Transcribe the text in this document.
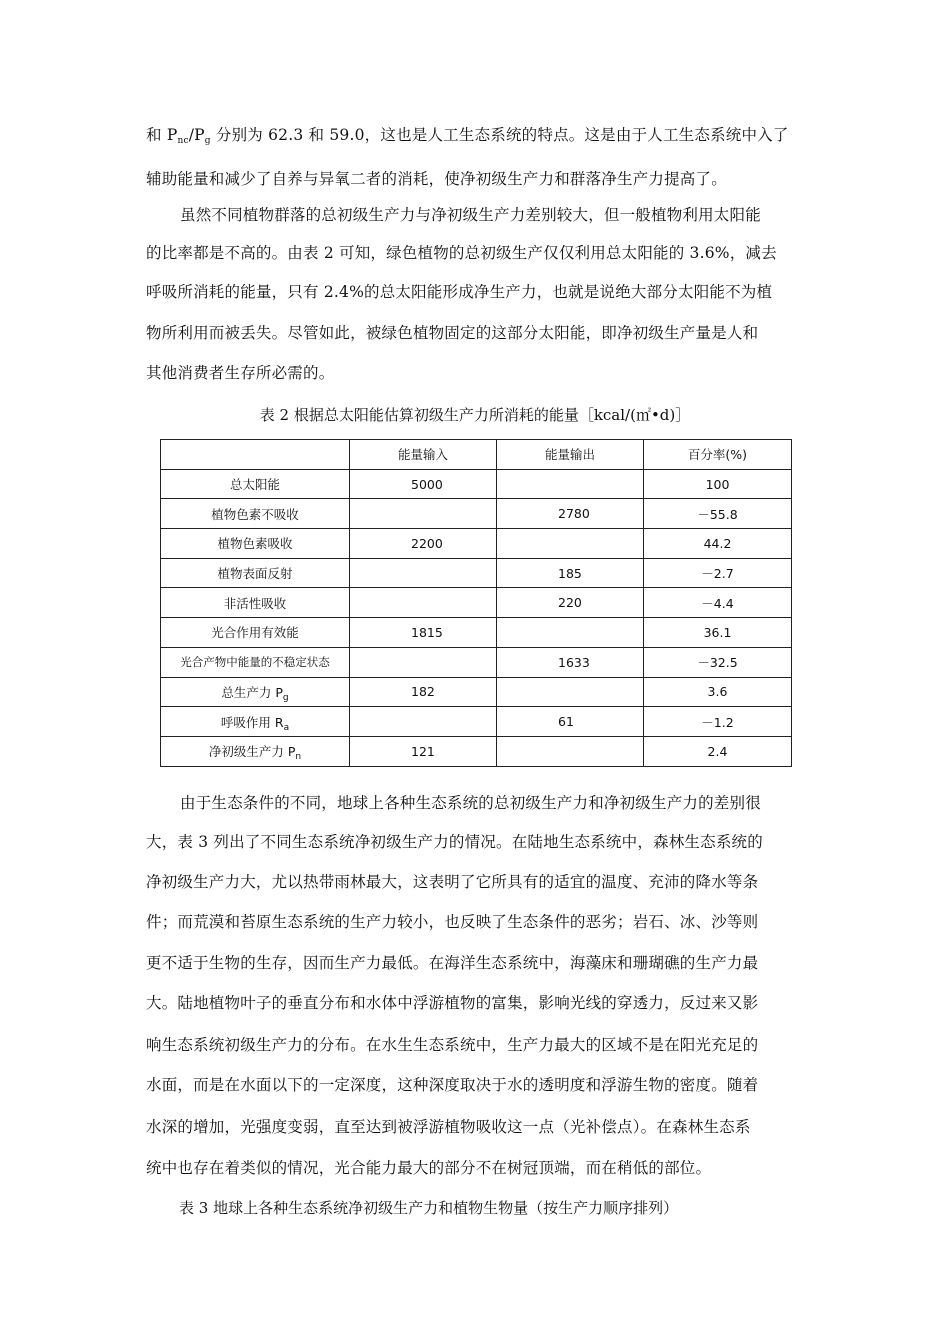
和 $P_{nc}/P_g$ 分别为 62.3 和 59.0，这也是人工生态系统的特点。这是由于人工生态系统中入了
辅助能量和减少了自养与异氧二者的消耗，使净初级生产力和群落净生产力提高了。
虽然不同植物群落的总初级生产力与净初级生产力差别较大，但一般植物利用太阳能
的比率都是不高的。由表 2 可知，绿色植物的总初级生产仅仅利用总太阳能的 3.6%，减去
呼吸所消耗的能量，只有 2.4%的总太阳能形成净生产力，也就是说绝大部分太阳能不为植
物所利用而被丢失。尽管如此，被绿色植物固定的这部分太阳能，即净初级生产量是人和
其他消费者生存所必需的。
表 2 根据总太阳能估算初级生产力所消耗的能量［kcal/(㎡•d)］
	能量输入	能量输出	百分率(%)
总太阳能	5000		100
植物色素不吸收		2780	－55.8
植物色素吸收	2200		44.2
植物表面反射		185	－2.7
非活性吸收		220	－4.4
光合作用有效能	1815		36.1
光合产物中能量的不稳定状态		1633	－32.5
总生产力 $P_g$	182		3.6
呼吸作用 $R_a$		61	－1.2
净初级生产力 $P_n$	121		2.4
由于生态条件的不同，地球上各种生态系统的总初级生产力和净初级生产力的差别很
大，表 3 列出了不同生态系统净初级生产力的情况。在陆地生态系统中，森林生态系统的
净初级生产力大，尤以热带雨林最大，这表明了它所具有的适宜的温度、充沛的降水等条
件；而荒漠和苔原生态系统的生产力较小，也反映了生态条件的恶劣；岩石、冰、沙等则
更不适于生物的生存，因而生产力最低。在海洋生态系统中，海藻床和珊瑚礁的生产力最
大。陆地植物叶子的垂直分布和水体中浮游植物的富集，影响光线的穿透力，反过来又影
响生态系统初级生产力的分布。在水生生态系统中，生产力最大的区域不是在阳光充足的
水面，而是在水面以下的一定深度，这种深度取决于水的透明度和浮游生物的密度。随着
水深的增加，光强度变弱，直至达到被浮游植物吸收这一点（光补偿点）。在森林生态系
统中也存在着类似的情况，光合能力最大的部分不在树冠顶端，而在稍低的部位。
表 3 地球上各种生态系统净初级生产力和植物生物量（按生产力顺序排列）
